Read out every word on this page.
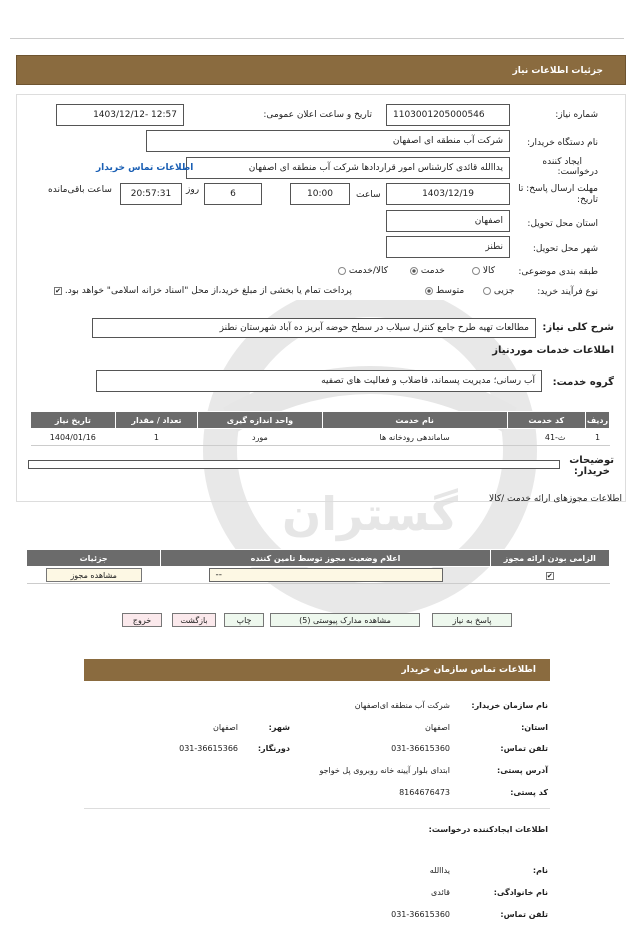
گستران
جزئیات اطلاعات نیاز
شماره نیاز:
1103001205000546
تاریخ و ساعت اعلان عمومی:
1403/12/12- 12:57
نام دستگاه خریدار:
شرکت آب منطقه ای اصفهان
ایجاد کننده
درخواست:
یداالله قائدی کارشناس امور قراردادها شرکت آب منطقه ای اصفهان
اطلاعات تماس خریدار
مهلت ارسال پاسخ: تا
تاریخ:
1403/12/19
ساعت
10:00
6
روز
20:57:31
ساعت باقی‌مانده
استان محل تحویل:
اصفهان
شهر محل تحویل:
نطنز
طبقه بندی موضوعی:
کالا
خدمت
کالا/خدمت
نوع فرآیند خرید:
جزیی
متوسط
پرداخت تمام یا بخشی از مبلغ خرید،از محل "اسناد خزانه اسلامی" خواهد بود. ✔
شرح کلی نیاز:
مطالعات تهیه طرح جامع کنترل سیلاب در سطح حوضه آبریز ده آباد شهرستان نطنز
اطلاعات خدمات موردنیاز
گروه خدمت:
آب رسانی؛ مدیریت پسماند، فاضلاب و فعالیت های تصفیه
ردیف	کد خدمت	نام خدمت	واحد اندازه گیری	تعداد / مقدار	تاریخ نیاز
1	ث-41	ساماندهی رودخانه ها	مورد	1	1404/01/16
توضیحات
خریدار:
اطلاعات مجوزهای ارائه خدمت /کالا
الزامی بودن ارائه مجوز	اعلام وضعیت مجوز توسط تامین کننده	جزئیات
✔	--	مشاهده مجوز
پاسخ به نیاز
مشاهده مدارک پیوستی (5)
چاپ
بازگشت
خروج
اطلاعات تماس سازمان خریدار
نام سازمان خریدار:
شرکت آب منطقه ای‌اصفهان
استان:
اصفهان
شهر:
اصفهان
تلفن تماس:
031-36615360
دورنگار:
031-36615366
آدرس پستی:
ابتدای بلوار آیینه خانه روبروی پل خواجو
کد پستی:
8164676473
اطلاعات ایجادکننده درخواست:
نام:
یداالله
نام خانوادگی:
قائدی
تلفن تماس:
031-36615360
